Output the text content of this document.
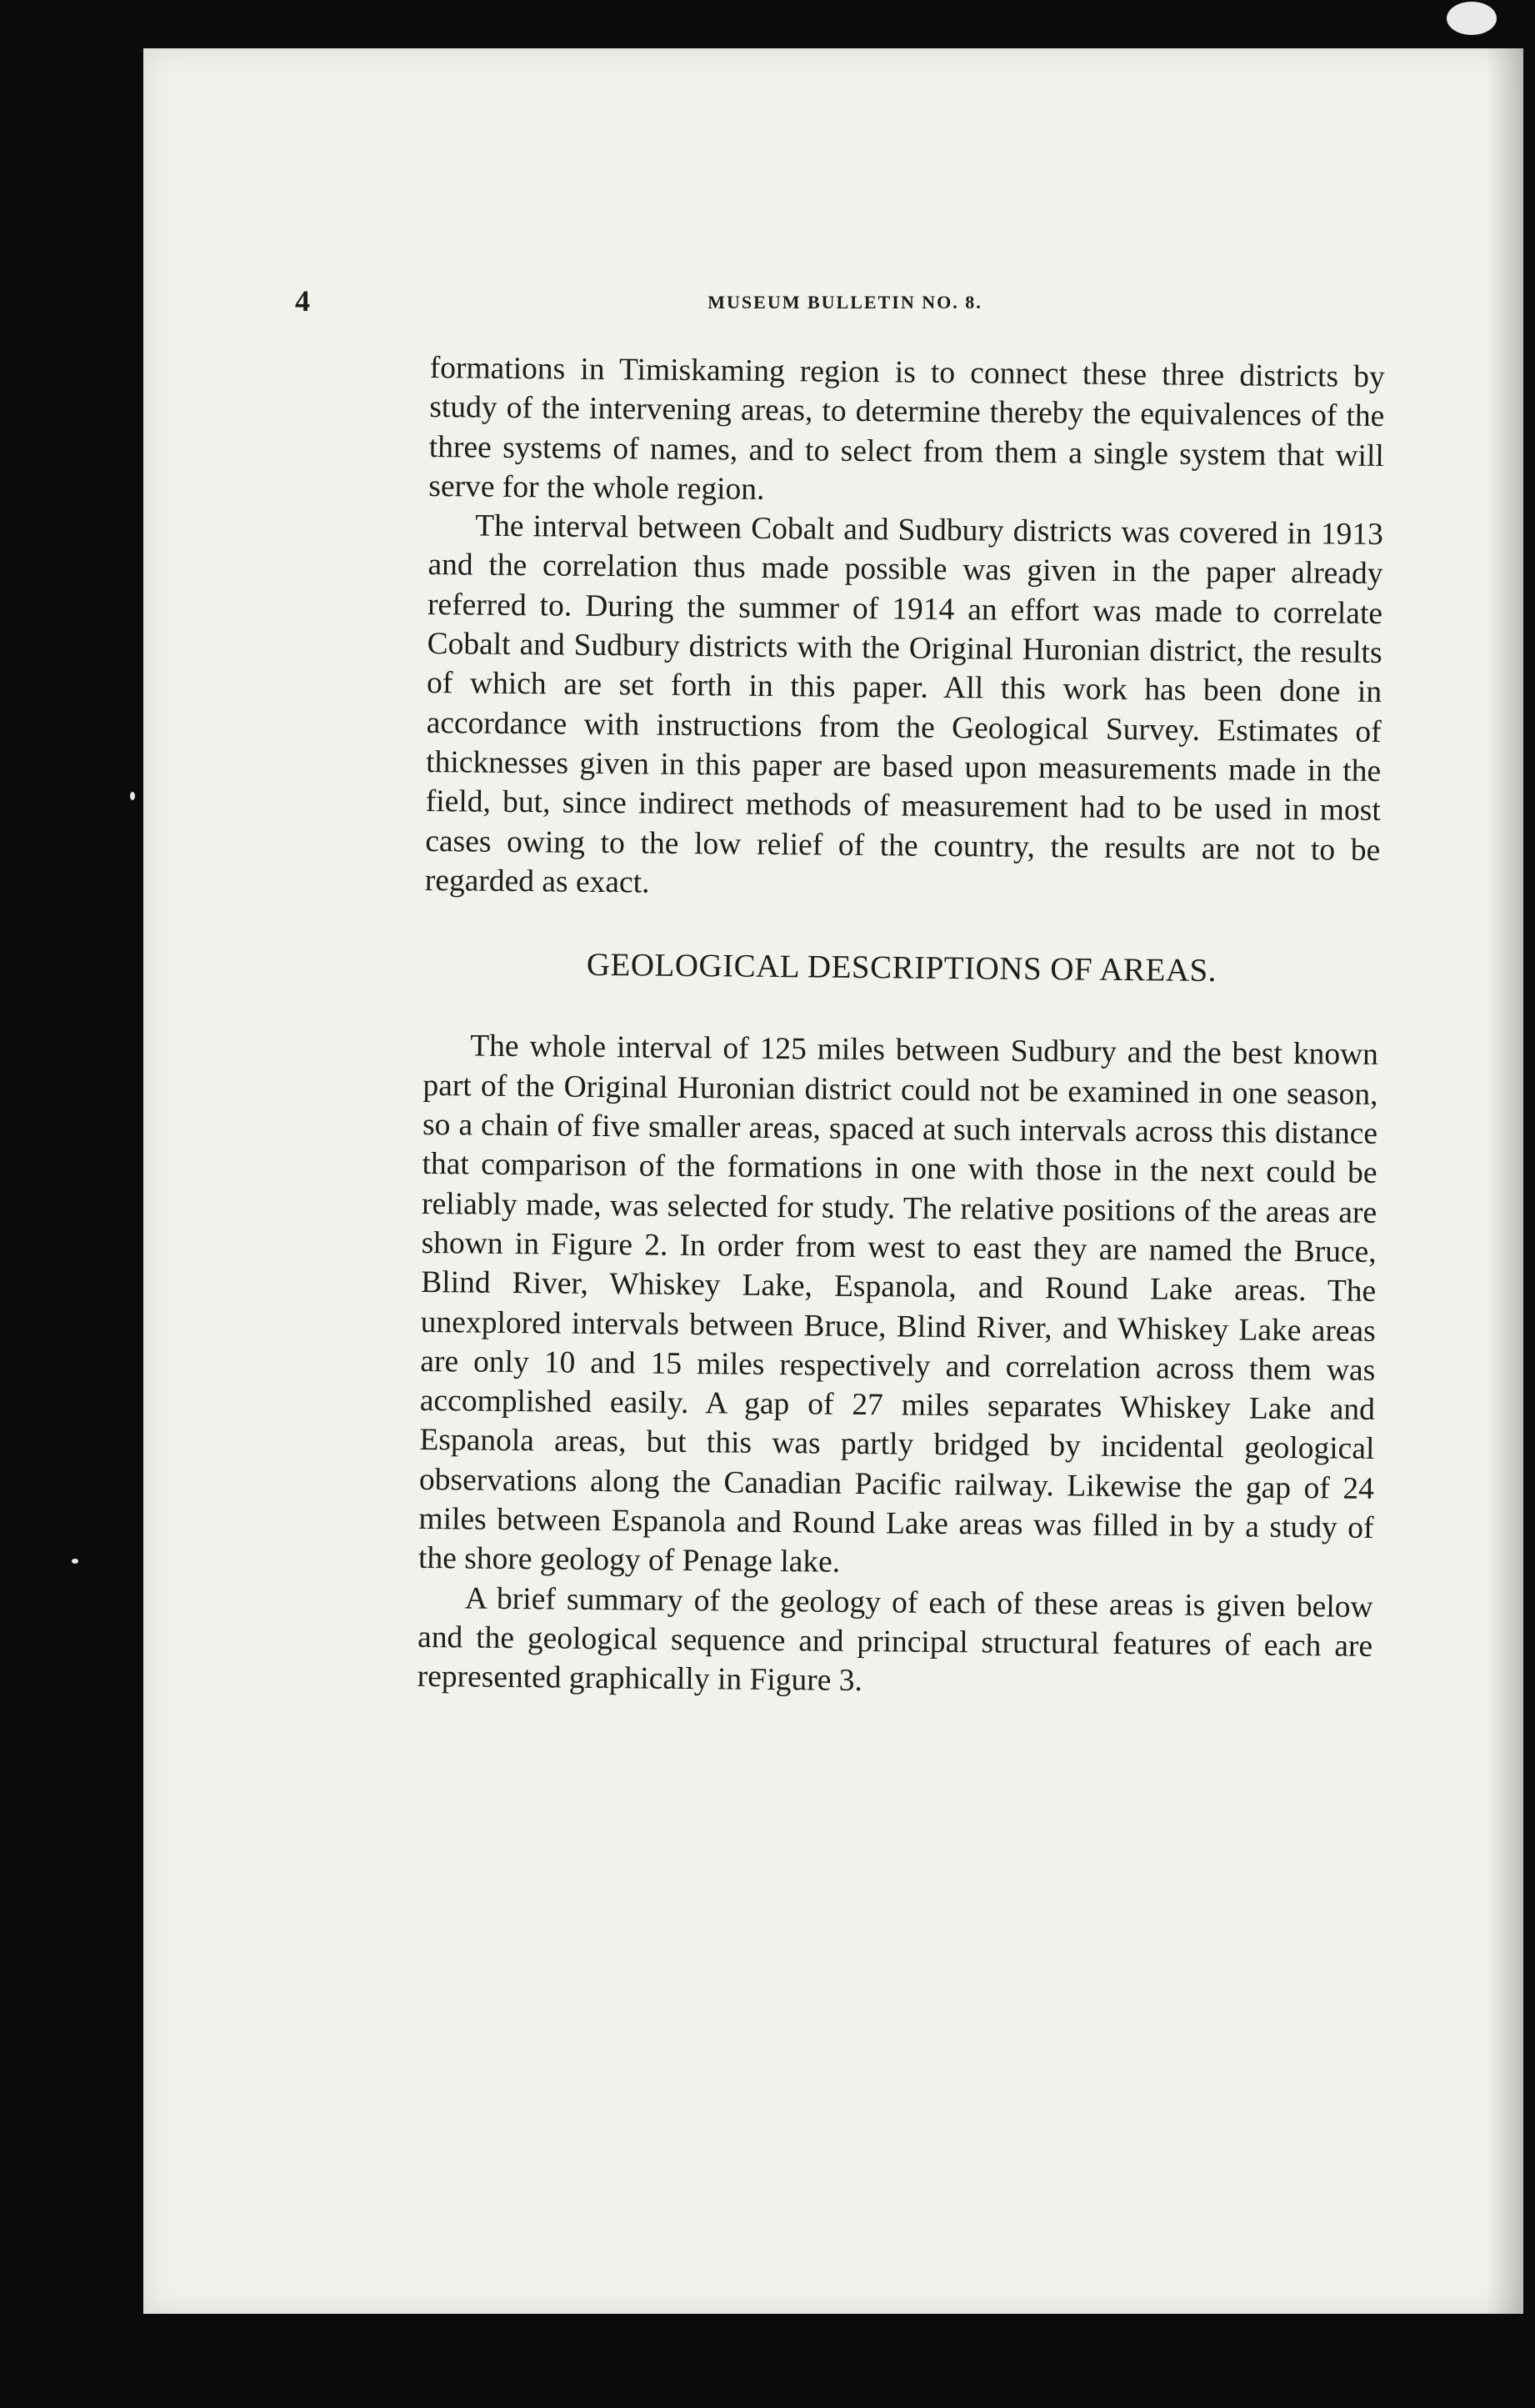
4	MUSEUM BULLETIN NO. 8.

formations in Timiskaming region is to connect these three districts by study of the intervening areas, to determine thereby the equivalences of the three systems of names, and to select from them a single system that will serve for the whole region.

The interval between Cobalt and Sudbury districts was covered in 1913 and the correlation thus made possible was given in the paper already referred to. During the summer of 1914 an effort was made to correlate Cobalt and Sudbury districts with the Original Huronian district, the results of which are set forth in this paper. All this work has been done in accordance with instructions from the Geological Survey. Estimates of thicknesses given in this paper are based upon measurements made in the field, but, since indirect methods of measurement had to be used in most cases owing to the low relief of the country, the results are not to be regarded as exact.

GEOLOGICAL DESCRIPTIONS OF AREAS.

The whole interval of 125 miles between Sudbury and the best known part of the Original Huronian district could not be examined in one season, so a chain of five smaller areas, spaced at such intervals across this distance that comparison of the formations in one with those in the next could be reliably made, was selected for study. The relative positions of the areas are shown in Figure 2. In order from west to east they are named the Bruce, Blind River, Whiskey Lake, Espanola, and Round Lake areas. The unexplored intervals between Bruce, Blind River, and Whiskey Lake areas are only 10 and 15 miles respectively and correlation across them was accomplished easily. A gap of 27 miles separates Whiskey Lake and Espanola areas, but this was partly bridged by incidental geological observations along the Canadian Pacific railway. Likewise the gap of 24 miles between Espanola and Round Lake areas was filled in by a study of the shore geology of Penage lake.

A brief summary of the geology of each of these areas is given below and the geological sequence and principal structural features of each are represented graphically in Figure 3.
